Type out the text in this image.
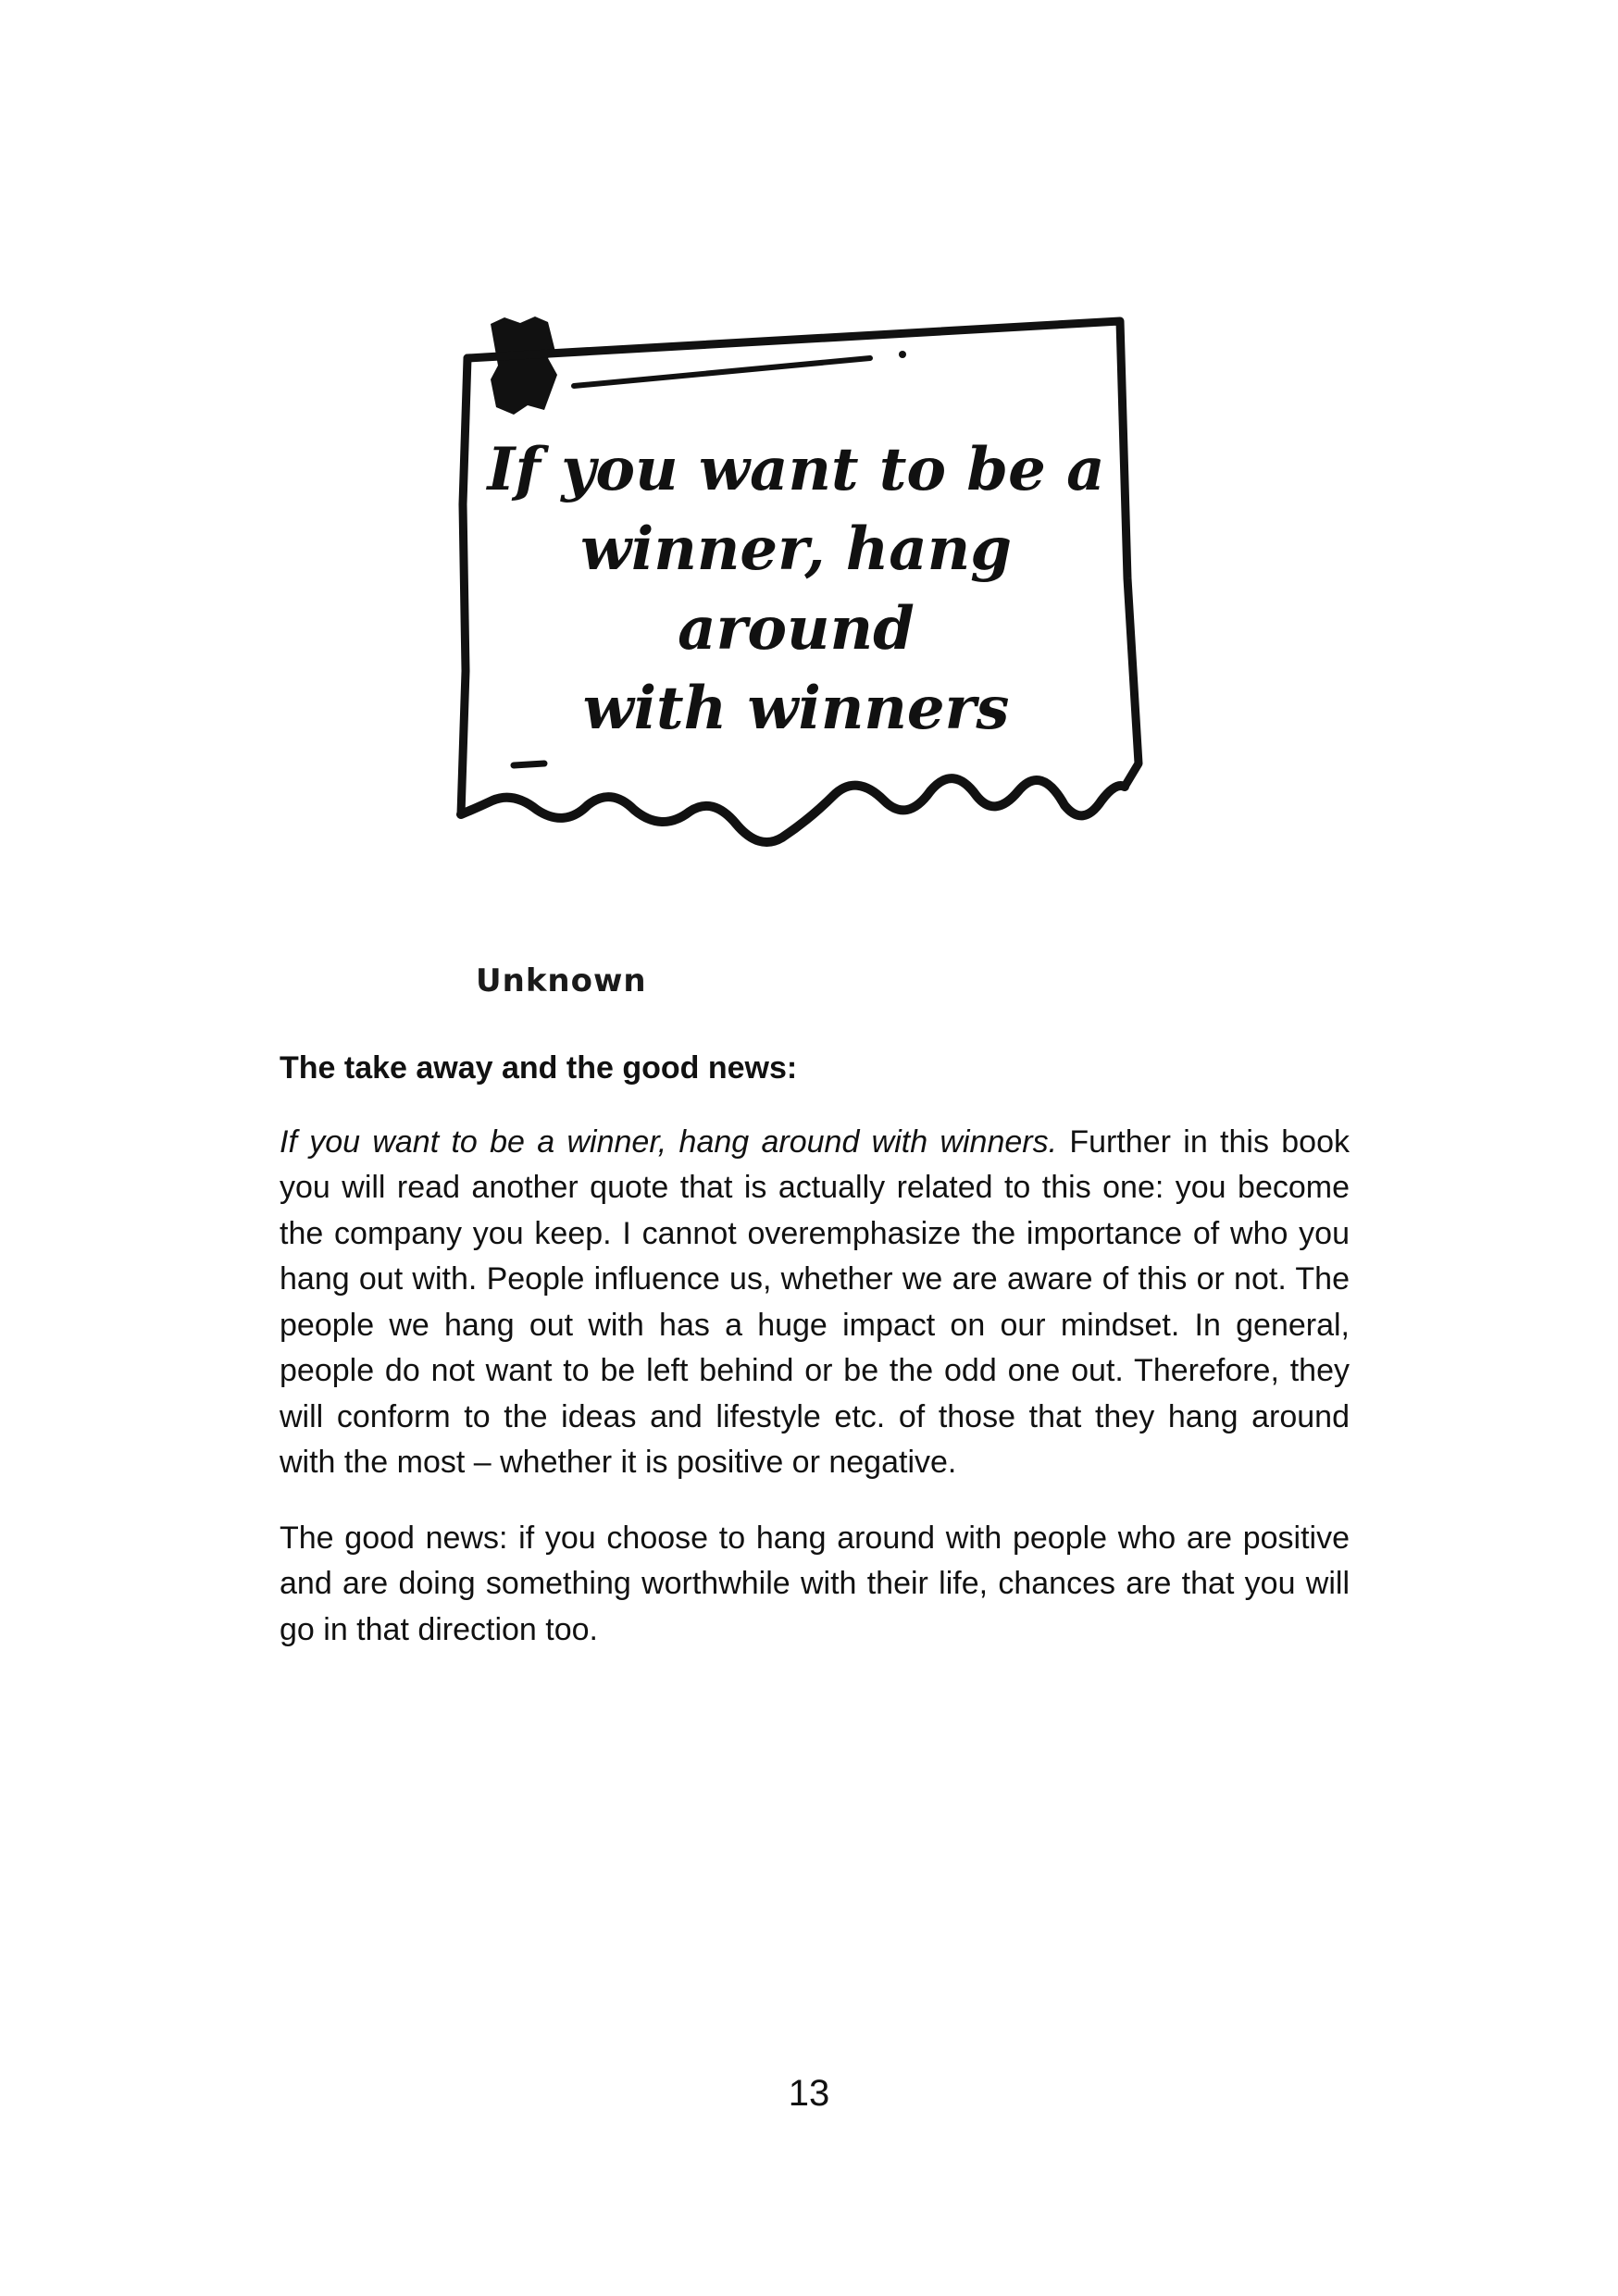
If you want to be a
winner, hang around
with winners
Unknown

The take away and the good news:

If you want to be a winner, hang around with winners. Further in this book you will read another quote that is actually related to this one: you become the company you keep. I cannot overemphasize the importance of who you hang out with. People influence us, whether we are aware of this or not. The people we hang out with has a huge impact on our mindset. In general, people do not want to be left behind or be the odd one out. Therefore, they will conform to the ideas and lifestyle etc. of those that they hang around with the most – whether it is positive or negative.

The good news: if you choose to hang around with people who are positive and are doing something worthwhile with their life, chances are that you will go in that direction too.

13
